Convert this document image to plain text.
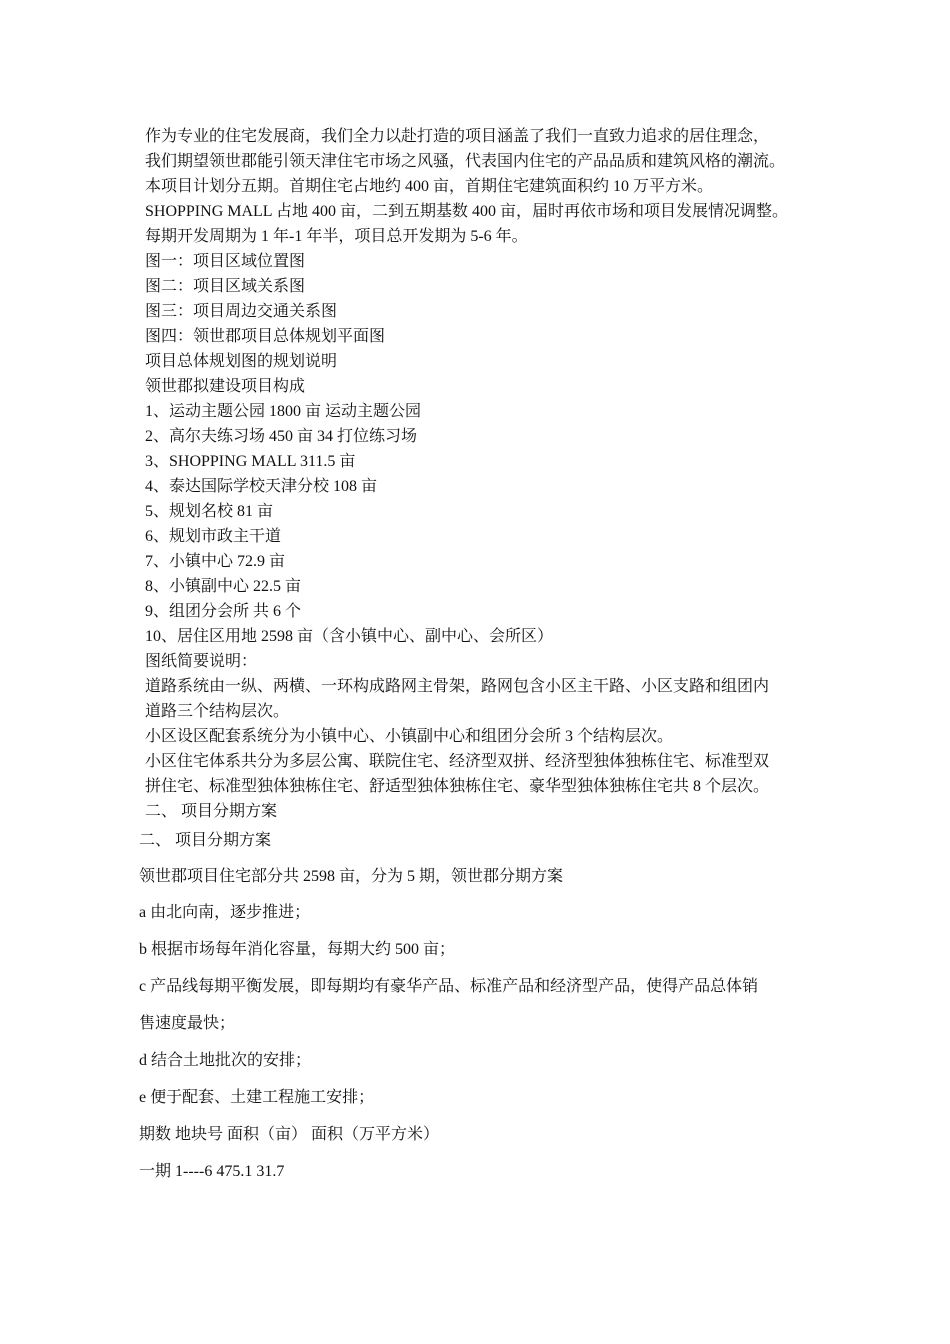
作为专业的住宅发展商，我们全力以赴打造的项目涵盖了我们一直致力追求的居住理念，
我们期望领世郡能引领天津住宅市场之风骚，代表国内住宅的产品品质和建筑风格的潮流。
本项目计划分五期。首期住宅占地约 400 亩，首期住宅建筑面积约 10 万平方米。
SHOPPING MALL 占地 400 亩，二到五期基数 400 亩，届时再依市场和项目发展情况调整。
每期开发周期为 1 年-1 年半，项目总开发期为 5-6 年。
图一：项目区域位置图
图二：项目区域关系图
图三：项目周边交通关系图
图四：领世郡项目总体规划平面图
项目总体规划图的规划说明
领世郡拟建设项目构成
1、运动主题公园 1800 亩 运动主题公园
2、高尔夫练习场 450 亩 34 打位练习场
3、SHOPPING MALL 311.5 亩
4、泰达国际学校天津分校 108 亩
5、规划名校 81 亩
6、规划市政主干道
7、小镇中心 72.9 亩
8、小镇副中心 22.5 亩
9、组团分会所 共 6 个
10、居住区用地 2598 亩（含小镇中心、副中心、会所区）
图纸简要说明：
道路系统由一纵、两横、一环构成路网主骨架，路网包含小区主干路、小区支路和组团内
道路三个结构层次。
小区设区配套系统分为小镇中心、小镇副中心和组团分会所 3 个结构层次。
小区住宅体系共分为多层公寓、联院住宅、经济型双拼、经济型独体独栋住宅、标准型双
拼住宅、标准型独体独栋住宅、舒适型独体独栋住宅、豪华型独体独栋住宅共 8 个层次。
二、 项目分期方案
二、 项目分期方案
领世郡项目住宅部分共 2598 亩，分为 5 期，领世郡分期方案
a 由北向南，逐步推进；
b 根据市场每年消化容量，每期大约 500 亩；
c 产品线每期平衡发展，即每期均有豪华产品、标准产品和经济型产品，使得产品总体销
售速度最快；
d 结合土地批次的安排；
e 便于配套、土建工程施工安排；
期数 地块号 面积（亩） 面积（万平方米）
一期 1----6 475.1 31.7
